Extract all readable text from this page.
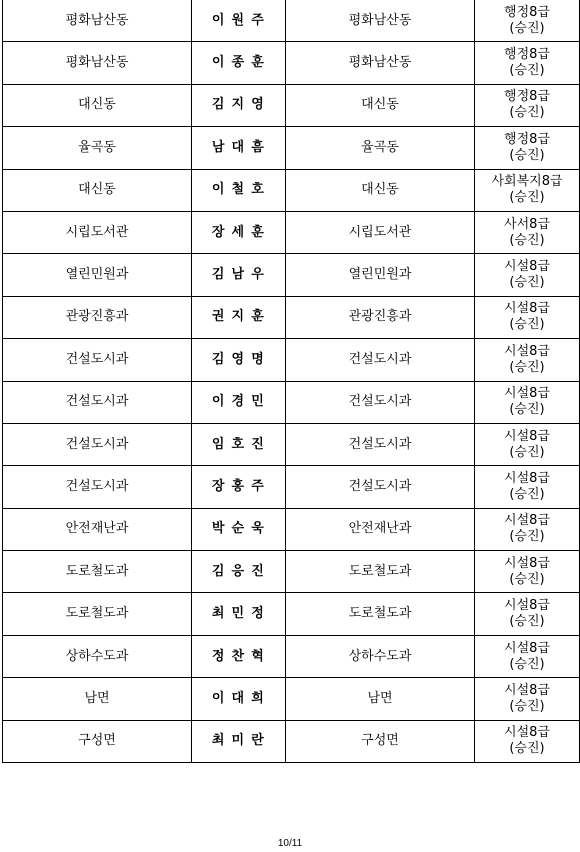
평화남산동	이 원 주	평화남산동	행정8급
(승진)

평화남산동	이 종 훈	평화남산동	행정8급
(승진)

대신동	김 지 영	대신동	행정8급
(승진)

율곡동	남 대 흠	율곡동	행정8급
(승진)

대신동	이 철 호	대신동	사회복지8급
(승진)

시립도서관	장 세 훈	시립도서관	사서8급
(승진)

열린민원과	김 남 우	열린민원과	시설8급
(승진)

관광진흥과	권 지 훈	관광진흥과	시설8급
(승진)

건설도시과	김 영 명	건설도시과	시설8급
(승진)

건설도시과	이 경 민	건설도시과	시설8급
(승진)

건설도시과	임 호 진	건설도시과	시설8급
(승진)

건설도시과	장 홍 주	건설도시과	시설8급
(승진)

안전재난과	박 순 욱	안전재난과	시설8급
(승진)

도로철도과	김 응 진	도로철도과	시설8급
(승진)

도로철도과	최 민 정	도로철도과	시설8급
(승진)

상하수도과	정 찬 혁	상하수도과	시설8급
(승진)

남면	이 대 희	남면	시설8급
(승진)

구성면	최 미 란	구성면	시설8급
(승진)
10/11
